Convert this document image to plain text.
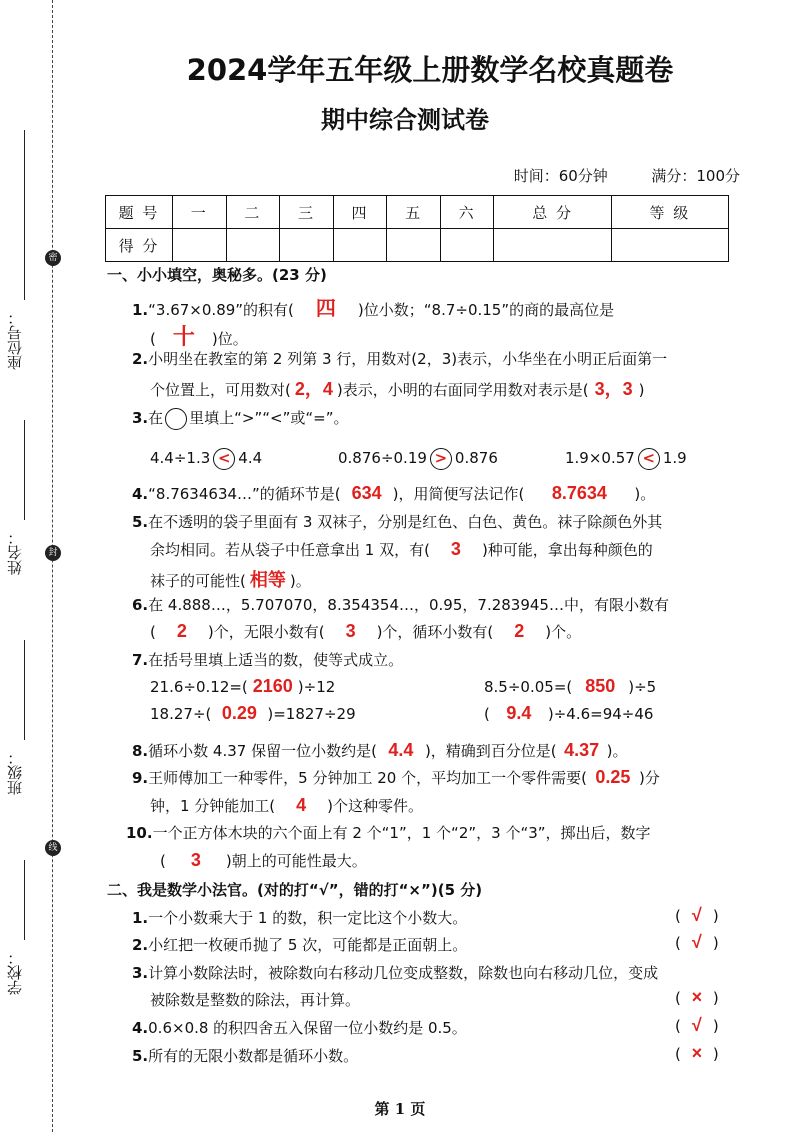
座位号：
姓名：
班级：
学校：
密
封
线
2024学年五年级上册数学名校真题卷
期中综合测试卷
时间：60分钟	满分：100分
题 号	一	二	三	四	五	六	总 分	等 级
得 分								
一、小小填空，奥秘多。(23 分)
1.“3.67×0.89”的积有( 四 )位小数；“8.7÷0.15”的商的最高位是
( 十 )位。
2.小明坐在教室的第 2 列第 3 行，用数对(2，3)表示，小华坐在小明正后面第一
个位置上，可用数对( 2，4 )表示，小明的右面同学用数对表示是( 3，3 )
3.在 里填上“>”“<”或“=”。
4.4÷1.3 < 4.4	0.876÷0.19 > 0.876	1.9×0.57 < 1.9
4.“8.7634634…”的循环节是( 634 )，用简便写法记作( 8.7634 )。
5.在不透明的袋子里面有 3 双袜子，分别是红色、白色、黄色。袜子除颜色外其
余均相同。若从袋子中任意拿出 1 双，有( 3 )种可能，拿出每种颜色的
袜子的可能性( 相等 )。
6.在 4.888…，5.707070，8.354354…，0.95，7.283945…中，有限小数有
( 2 )个，无限小数有( 3 )个，循环小数有( 2 )个。
7.在括号里填上适当的数，使等式成立。
21.6÷0.12=( 2160 )÷12	8.5÷0.05=( 850 )÷5
18.27÷( 0.29 )=1827÷29	( 9.4 )÷4.6=94÷46
8.循环小数 4.37 保留一位小数约是( 4.4 )，精确到百分位是( 4.37 )。
9.王师傅加工一种零件，5 分钟加工 20 个，平均加工一个零件需要( 0.25 )分
钟，1 分钟能加工( 4 )个这种零件。
10.一个正方体木块的六个面上有 2 个“1”，1 个“2”，3 个“3”，掷出后，数字
( 3 )朝上的可能性最大。
二、我是数学小法官。(对的打“√”，错的打“×”)(5 分)
1.一个小数乘大于 1 的数，积一定比这个小数大。	( √ )
2.小红把一枚硬币抛了 5 次，可能都是正面朝上。	( √ )
3.计算小数除法时，被除数向右移动几位变成整数，除数也向右移动几位，变成
被除数是整数的除法，再计算。	( × )
4.0.6×0.8 的积四舍五入保留一位小数约是 0.5。	( √ )
5.所有的无限小数都是循环小数。	( × )
第 1 页
